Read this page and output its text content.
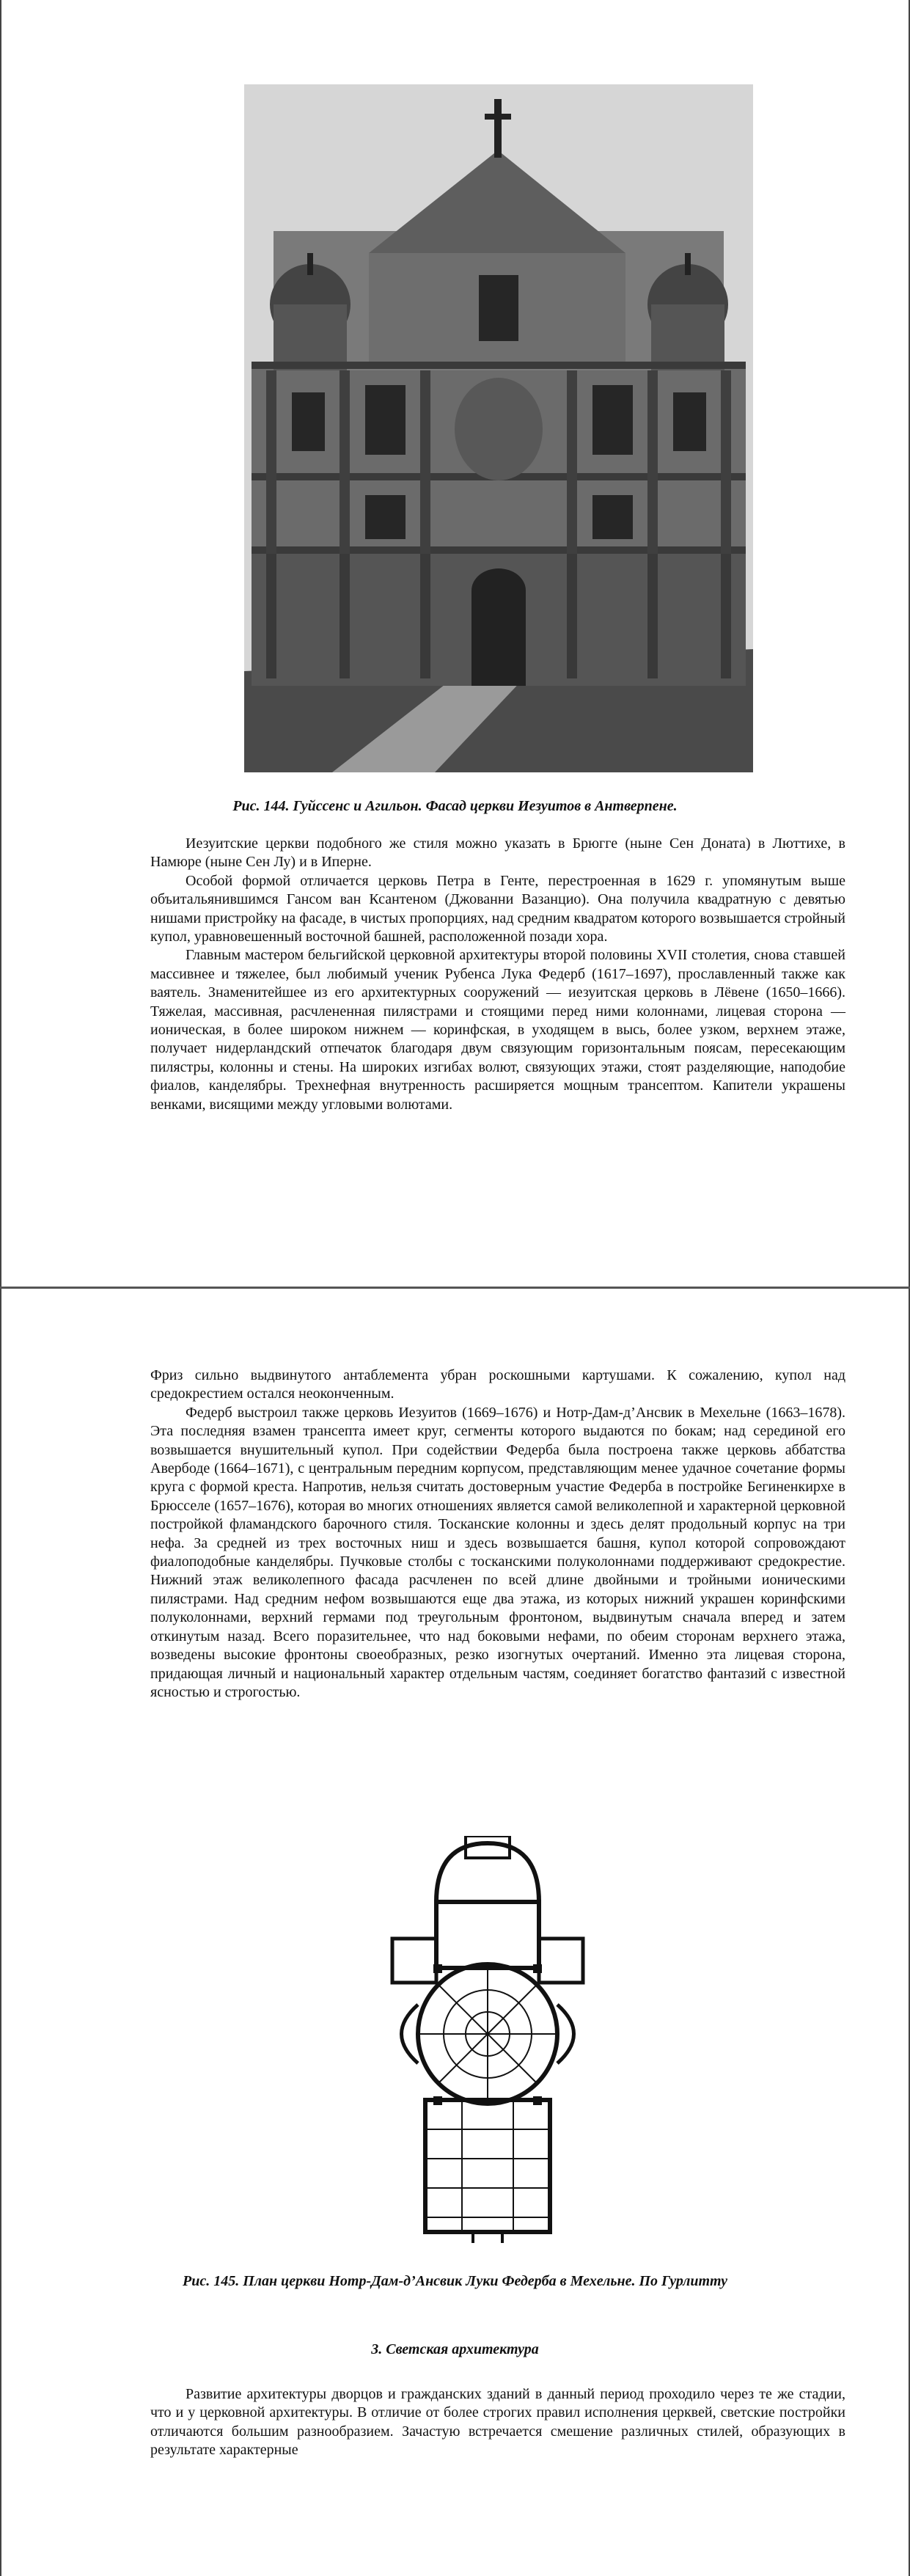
Рис. 144. Гуйссенс и Агильон. Фасад церкви Иезуитов в Антверпене.

Иезуитские церкви подобного же стиля можно указать в Брюгге (ныне Сен Доната) в Люттихе, в Намюре (ныне Сен Лу) и в Иперне.

Особой формой отличается церковь Петра в Генте, перестроенная в 1629 г. упомянутым выше объитальянившимся Гансом ван Ксантеном (Джованни Вазанцио). Она получила квадратную с девятью нишами пристройку на фасаде, в чистых пропорциях, над средним квадратом которого возвышается стройный купол, уравновешенный восточной башней, расположенной позади хора.

Главным мастером бельгийской церковной архитектуры второй половины XVII столетия, снова ставшей массивнее и тяжелее, был любимый ученик Рубенса Лука Федерб (1617–1697), прославленный также как ваятель. Знаменитейшее из его архитектурных сооружений — иезуитская церковь в Лёвене (1650–1666). Тяжелая, массивная, расчлененная пилястрами и стоящими перед ними колоннами, лицевая сторона — ионическая, в более широком нижнем — коринфская, в уходящем в высь, более узком, верхнем этаже, получает нидерландский отпечаток благодаря двум связующим горизонтальным поясам, пересекающим пилястры, колонны и стены. На широких изгибах волют, связующих этажи, стоят разделяющие, наподобие фиалов, канделябры. Трехнефная внутренность расширяется мощным трансептом. Капители украшены венками, висящими между угловыми волютами.

Фриз сильно выдвинутого антаблемента убран роскошными картушами. К сожалению, купол над средокрестием остался неоконченным.

Федерб выстроил также церковь Иезуитов (1669–1676) и Нотр-Дам-д’Ансвик в Мехельне (1663–1678). Эта последняя взамен трансепта имеет круг, сегменты которого выдаются по бокам; над серединой его возвышается внушительный купол. При содействии Федерба была построена также церковь аббатства Авербоде (1664–1671), с центральным передним корпусом, представляющим менее удачное сочетание формы круга с формой креста. Напротив, нельзя считать достоверным участие Федерба в постройке Бегиненкирхе в Брюсселе (1657–1676), которая во многих отношениях является самой великолепной и характерной церковной постройкой фламандского барочного стиля. Тосканские колонны и здесь делят продольный корпус на три нефа. За средней из трех восточных ниш и здесь возвышается башня, купол которой сопровождают фиалоподобные канделябры. Пучковые столбы с тосканскими полуколоннами поддерживают средокрестие. Нижний этаж великолепного фасада расчленен по всей длине двойными и тройными ионическими пилястрами. Над средним нефом возвышаются еще два этажа, из которых нижний украшен коринфскими полуколоннами, верхний гермами под треугольным фронтоном, выдвинутым сначала вперед и затем откинутым назад. Всего поразительнее, что над боковыми нефами, по обеим сторонам верхнего этажа, возведены высокие фронтоны своеобразных, резко изогнутых очертаний. Именно эта лицевая сторона, придающая личный и национальный характер отдельным частям, соединяет богатство фантазий с известной ясностью и строгостью.

Рис. 145. План церкви Нотр-Дам-д’Ансвик Луки Федерба в Мехельне. По Гурлитту
3. Светская архитектура

Развитие архитектуры дворцов и гражданских зданий в данный период проходило через те же стадии, что и у церковной архитектуры. В отличие от более строгих правил исполнения церквей, светские постройки отличаются большим разнообразием. Зачастую встречается смешение различных стилей, образующих в результате характерные
